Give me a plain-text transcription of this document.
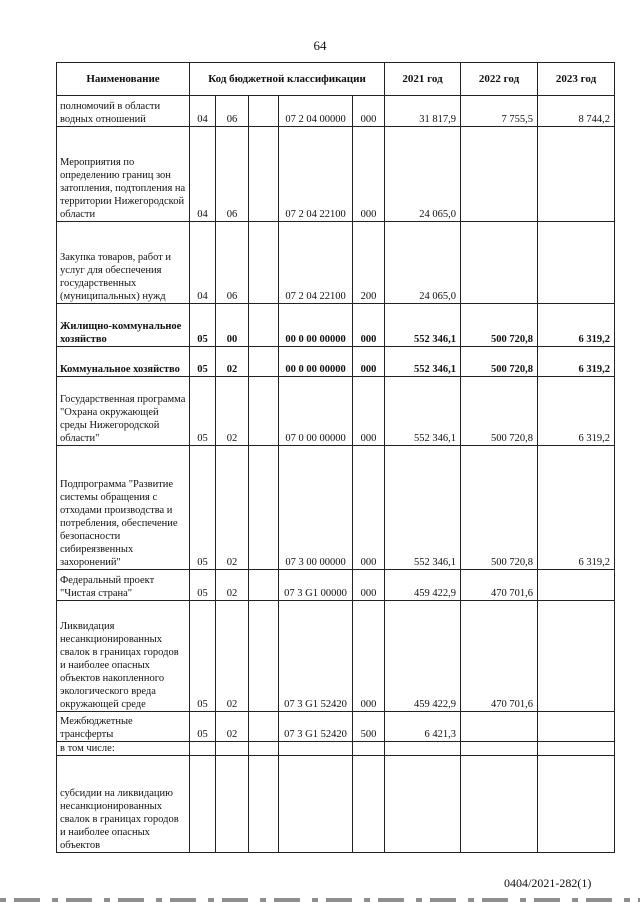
64
Наименование	Код бюджетной классификации					2021 год	2022 год	2023 год
полномочий в области водных отношений	04	06		07 2 04 00000	000	31 817,9	7 755,5	8 744,2
Мероприятия по определению границ зон затопления, подтопления на территории Нижегородской области	04	06		07 2 04 22100	000	24 065,0		
Закупка товаров, работ и услуг для обеспечения государственных (муниципальных) нужд	04	06		07 2 04 22100	200	24 065,0		
Жилищно-коммунальное хозяйство	05	00		00 0 00 00000	000	552 346,1	500 720,8	6 319,2
Коммунальное хозяйство	05	02		00 0 00 00000	000	552 346,1	500 720,8	6 319,2
Государственная программа "Охрана окружающей среды Нижегородской области"	05	02		07 0 00 00000	000	552 346,1	500 720,8	6 319,2
Подпрограмма "Развитие системы обращения с отходами производства и потребления, обеспечение безопасности сибиреязвенных захоронений"	05	02		07 3 00 00000	000	552 346,1	500 720,8	6 319,2
Федеральный проект "Чистая страна"	05	02		07 3 G1 00000	000	459 422,9	470 701,6	
Ликвидация несанкционированных свалок в границах городов и наиболее опасных объектов накопленного экологического вреда окружающей среде	05	02		07 3 G1 52420	000	459 422,9	470 701,6	
Межбюджетные трансферты	05	02		07 3 G1 52420	500	6 421,3		
в том числе:								
субсидии на ликвидацию несанкционированных свалок в границах городов и наиболее опасных объектов								
0404/2021-282(1)
